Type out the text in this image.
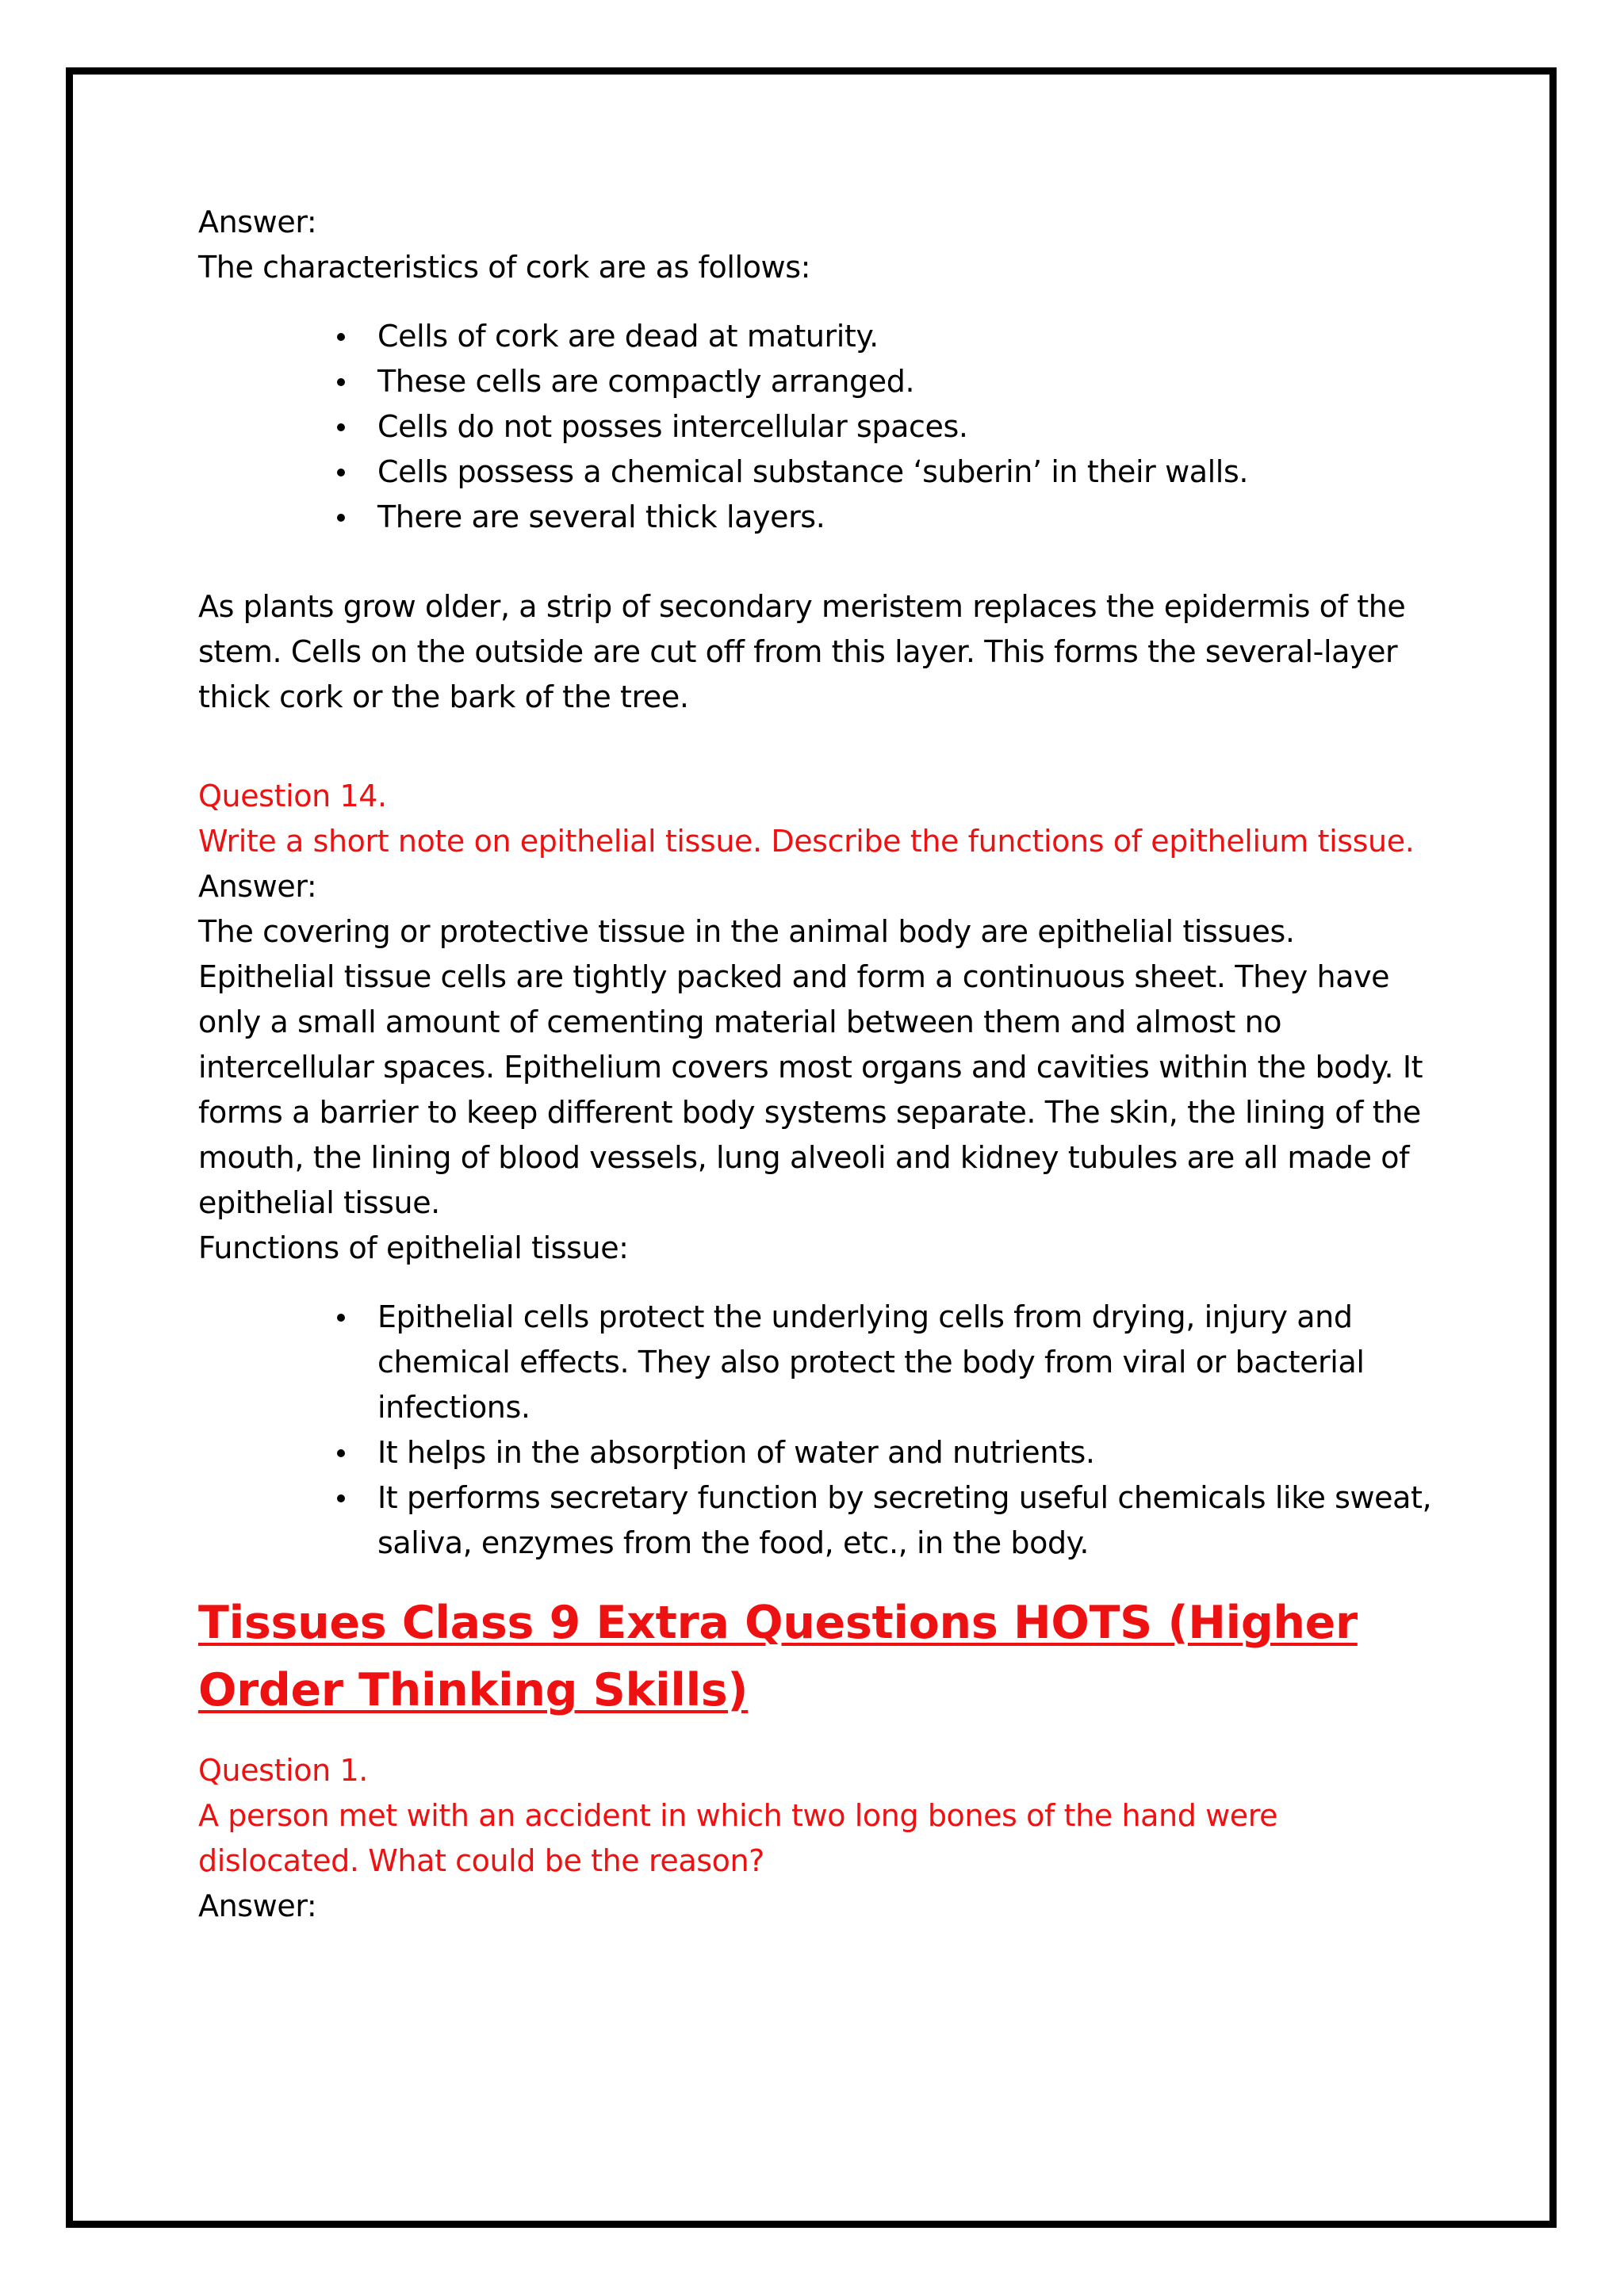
Answer:

The characteristics of cork are as follows:

Cells of cork are dead at maturity.
These cells are compactly arranged.
Cells do not posses intercellular spaces.
Cells possess a chemical substance ‘suberin’ in their walls.
There are several thick layers.

As plants grow older, a strip of secondary meristem replaces the epidermis of the stem. Cells on the outside are cut off from this layer. This forms the several-layer thick cork or the bark of the tree.

Question 14.

Write a short note on epithelial tissue. Describe the functions of epithelium tissue.

Answer:

The covering or protective tissue in the animal body are epithelial tissues. Epithelial tissue cells are tightly packed and form a continuous sheet. They have only a small amount of cementing material between them and almost no intercellular spaces. Epithelium covers most organs and cavities within the body. It forms a barrier to keep different body systems separate. The skin, the lining of the mouth, the lining of blood vessels, lung alveoli and kidney tubules are all made of epithelial tissue.

Functions of epithelial tissue:

Epithelial cells protect the underlying cells from drying, injury and chemical effects. They also protect the body from viral or bacterial infections.
It helps in the absorption of water and nutrients.
It performs secretary function by secreting useful chemicals like sweat, saliva, enzymes from the food, etc., in the body.
Tissues Class 9 Extra Questions HOTS (Higher Order Thinking Skills)

Question 1.

A person met with an accident in which two long bones of the hand were dislocated. What could be the reason?

Answer:
